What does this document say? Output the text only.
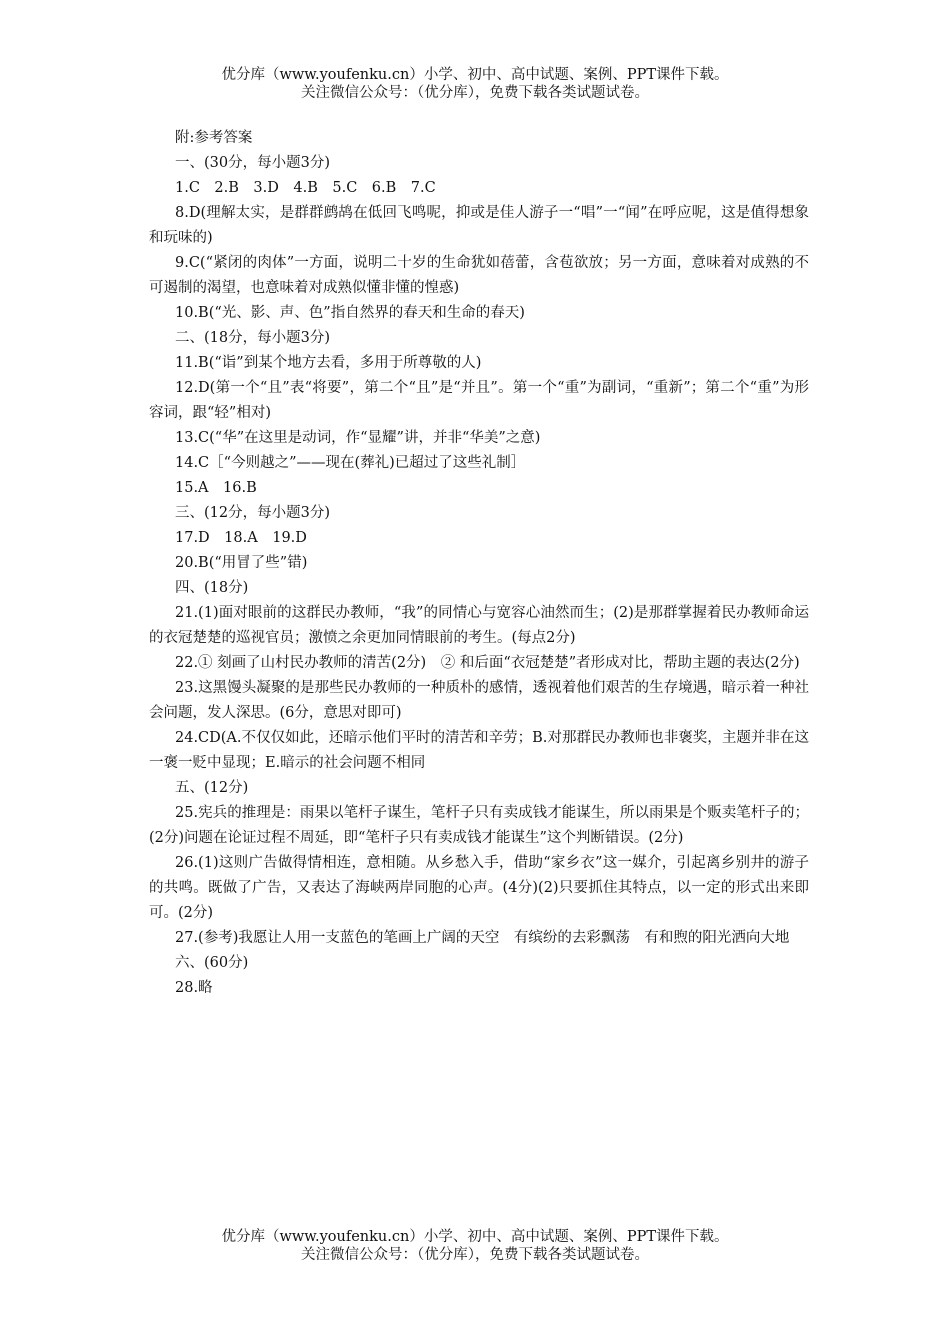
优分库（www.youfenku.cn）小学、初中、高中试题、案例、PPT课件下载。
关注微信公众号：（优分库），免费下载各类试题试卷。

附:参考答案

一、(30分，每小题3分)

1.C　2.B　3.D　4.B　5.C　6.B　7.C

8.D(理解太实，是群群鹧鸪在低回飞鸣呢，抑或是佳人游子一“唱”一“闻”在呼应呢，这是值得想象和玩味的)

9.C(“紧闭的肉体”一方面，说明二十岁的生命犹如蓓蕾，含苞欲放；另一方面，意味着对成熟的不可遏制的渴望，也意味着对成熟似懂非懂的惶惑)

10.B(“光、影、声、色”指自然界的春天和生命的春天)

二、(18分，每小题3分)

11.B(“诣”到某个地方去看，多用于所尊敬的人)

12.D(第一个“且”表“将要”，第二个“且”是“并且”。第一个“重”为副词，“重新”；第二个“重”为形容词，跟“轻”相对)

13.C(“华”在这里是动词，作“显耀”讲，并非“华美”之意)

14.C［“今则越之”——现在(葬礼)已超过了这些礼制］

15.A　16.B

三、(12分，每小题3分)

17.D　18.A　19.D

20.B(“用冒了些”错)

四、(18分)

21.(1)面对眼前的这群民办教师，“我”的同情心与宽容心油然而生；(2)是那群掌握着民办教师命运的衣冠楚楚的巡视官员；激愤之余更加同情眼前的考生。(每点2分)

22.① 刻画了山村民办教师的清苦(2分)　② 和后面“衣冠楚楚”者形成对比，帮助主题的表达(2分)

23.这黑馒头凝聚的是那些民办教师的一种质朴的感情，透视着他们艰苦的生存境遇，暗示着一种社会问题，发人深思。(6分，意思对即可)

24.CD(A.不仅仅如此，还暗示他们平时的清苦和辛劳；B.对那群民办教师也非褒奖，主题并非在这一褒一贬中显现；E.暗示的社会问题不相同

五、(12分)

25.宪兵的推理是：雨果以笔杆子谋生，笔杆子只有卖成钱才能谋生，所以雨果是个贩卖笔杆子的；(2分)问题在论证过程不周延，即“笔杆子只有卖成钱才能谋生”这个判断错误。(2分)

26.(1)这则广告做得情相连，意相随。从乡愁入手，借助“家乡衣”这一媒介，引起离乡别井的游子的共鸣。既做了广告，又表达了海峡两岸同胞的心声。(4分)(2)只要抓住其特点，以一定的形式出来即可。(2分)

27.(参考)我愿让人用一支蓝色的笔画上广阔的天空　有缤纷的去彩飘荡　有和煦的阳光洒向大地

六、(60分)

28.略

优分库（www.youfenku.cn）小学、初中、高中试题、案例、PPT课件下载。
关注微信公众号：（优分库），免费下载各类试题试卷。
